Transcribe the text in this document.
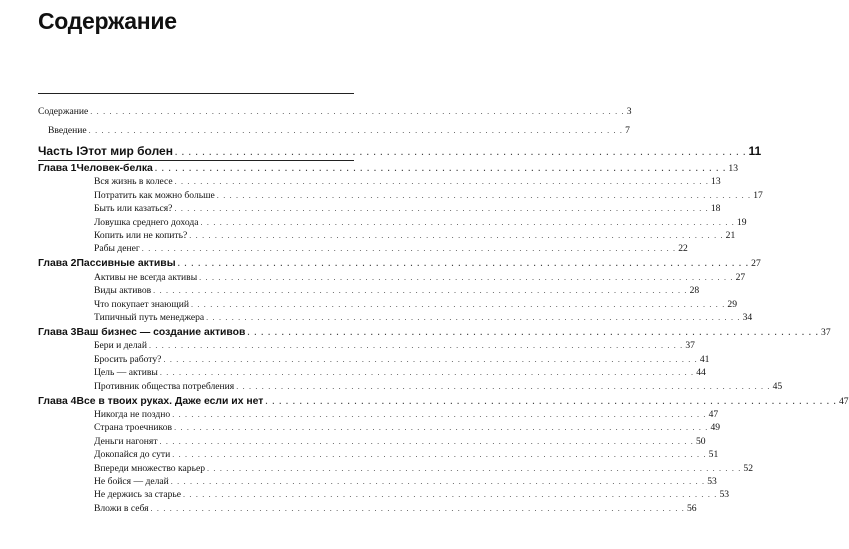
Содержание
Содержание . . . . . . . . . . . . . . . . . . . . . . . . . . . . . . . . . . . . . . . . . . . . . . . . . . . . . . . . . . . . . . . . . . . . . . . . . . . . . . . . . . . . 3
Введение . . . . . . . . . . . . . . . . . . . . . . . . . . . . . . . . . . . . . . . . . . . . . . . . . . . . . . . . . . . . . . . . . . . . . . . . . . . . . . . . . . . . 7
Часть I Этот мир болен . . . . . . . . . . . . . . . . . . . . . . . . . . . . . . . . . . . . . . . . . . . . . . . . . . . . . . . . . . . . . . . . . . . . . . . . . . . . . . . . . . . . 11
Глава 1 Человек-белка . . . . . . . . . . . . . . . . . . . . . . . . . . . . . . . . . . . . . . . . . . . . . . . . . . . . . . . . . . . . . . . . . . . . . . . . . . . . . . . . . . . . 13
Вся жизнь в колесе . . . . . . . . . . . . . . . . . . . . . . . . . . . . . . . . . . . . . . . . . . . . . . . . . . . . . . . . . . . . . . . . . . . . . . . . . . . . . . . . . . . . 13
Потратить как можно больше . . . . . . . . . . . . . . . . . . . . . . . . . . . . . . . . . . . . . . . . . . . . . . . . . . . . . . . . . . . . . . . . . . . . . . . . . . . . . . . . . . . . 17
Быть или казаться? . . . . . . . . . . . . . . . . . . . . . . . . . . . . . . . . . . . . . . . . . . . . . . . . . . . . . . . . . . . . . . . . . . . . . . . . . . . . . . . . . . . . 18
Ловушка среднего дохода . . . . . . . . . . . . . . . . . . . . . . . . . . . . . . . . . . . . . . . . . . . . . . . . . . . . . . . . . . . . . . . . . . . . . . . . . . . . . . . . . . . . 19
Копить или не копить? . . . . . . . . . . . . . . . . . . . . . . . . . . . . . . . . . . . . . . . . . . . . . . . . . . . . . . . . . . . . . . . . . . . . . . . . . . . . . . . . . . . . 21
Рабы денег . . . . . . . . . . . . . . . . . . . . . . . . . . . . . . . . . . . . . . . . . . . . . . . . . . . . . . . . . . . . . . . . . . . . . . . . . . . . . . . . . . . . 22
Глава 2 Пассивные активы . . . . . . . . . . . . . . . . . . . . . . . . . . . . . . . . . . . . . . . . . . . . . . . . . . . . . . . . . . . . . . . . . . . . . . . . . . . . . . . . . . . . 27
Активы не всегда активы . . . . . . . . . . . . . . . . . . . . . . . . . . . . . . . . . . . . . . . . . . . . . . . . . . . . . . . . . . . . . . . . . . . . . . . . . . . . . . . . . . . . 27
Виды активов . . . . . . . . . . . . . . . . . . . . . . . . . . . . . . . . . . . . . . . . . . . . . . . . . . . . . . . . . . . . . . . . . . . . . . . . . . . . . . . . . . . . 28
Что покупает знающий . . . . . . . . . . . . . . . . . . . . . . . . . . . . . . . . . . . . . . . . . . . . . . . . . . . . . . . . . . . . . . . . . . . . . . . . . . . . . . . . . . . . 29
Типичный путь менеджера . . . . . . . . . . . . . . . . . . . . . . . . . . . . . . . . . . . . . . . . . . . . . . . . . . . . . . . . . . . . . . . . . . . . . . . . . . . . . . . . . . . . 34
Глава 3 Ваш бизнес — создание активов . . . . . . . . . . . . . . . . . . . . . . . . . . . . . . . . . . . . . . . . . . . . . . . . . . . . . . . . . . . . . . . . . . . . . . . . . . . . . . . . . . . . 37
Бери и делай . . . . . . . . . . . . . . . . . . . . . . . . . . . . . . . . . . . . . . . . . . . . . . . . . . . . . . . . . . . . . . . . . . . . . . . . . . . . . . . . . . . . 37
Бросить работу? . . . . . . . . . . . . . . . . . . . . . . . . . . . . . . . . . . . . . . . . . . . . . . . . . . . . . . . . . . . . . . . . . . . . . . . . . . . . . . . . . . . . 41
Цель — активы . . . . . . . . . . . . . . . . . . . . . . . . . . . . . . . . . . . . . . . . . . . . . . . . . . . . . . . . . . . . . . . . . . . . . . . . . . . . . . . . . . . . 44
Противник общества потребления . . . . . . . . . . . . . . . . . . . . . . . . . . . . . . . . . . . . . . . . . . . . . . . . . . . . . . . . . . . . . . . . . . . . . . . . . . . . . . . . . . . . 45
Глава 4 Все в твоих руках. Даже если их нет . . . . . . . . . . . . . . . . . . . . . . . . . . . . . . . . . . . . . . . . . . . . . . . . . . . . . . . . . . . . . . . . . . . . . . . . . . . . . . . . . . . . 47
Никогда не поздно . . . . . . . . . . . . . . . . . . . . . . . . . . . . . . . . . . . . . . . . . . . . . . . . . . . . . . . . . . . . . . . . . . . . . . . . . . . . . . . . . . . . 47
Страна троечников . . . . . . . . . . . . . . . . . . . . . . . . . . . . . . . . . . . . . . . . . . . . . . . . . . . . . . . . . . . . . . . . . . . . . . . . . . . . . . . . . . . . 49
Деньги нагонят . . . . . . . . . . . . . . . . . . . . . . . . . . . . . . . . . . . . . . . . . . . . . . . . . . . . . . . . . . . . . . . . . . . . . . . . . . . . . . . . . . . . 50
Докопайся до сути . . . . . . . . . . . . . . . . . . . . . . . . . . . . . . . . . . . . . . . . . . . . . . . . . . . . . . . . . . . . . . . . . . . . . . . . . . . . . . . . . . . . 51
Впереди множество карьер . . . . . . . . . . . . . . . . . . . . . . . . . . . . . . . . . . . . . . . . . . . . . . . . . . . . . . . . . . . . . . . . . . . . . . . . . . . . . . . . . . . . 52
Не бойся — делай . . . . . . . . . . . . . . . . . . . . . . . . . . . . . . . . . . . . . . . . . . . . . . . . . . . . . . . . . . . . . . . . . . . . . . . . . . . . . . . . . . . . 53
Не держись за старье . . . . . . . . . . . . . . . . . . . . . . . . . . . . . . . . . . . . . . . . . . . . . . . . . . . . . . . . . . . . . . . . . . . . . . . . . . . . . . . . . . . . 53
Вложи в себя . . . . . . . . . . . . . . . . . . . . . . . . . . . . . . . . . . . . . . . . . . . . . . . . . . . . . . . . . . . . . . . . . . . . . . . . . . . . . . . . . . . . 56
